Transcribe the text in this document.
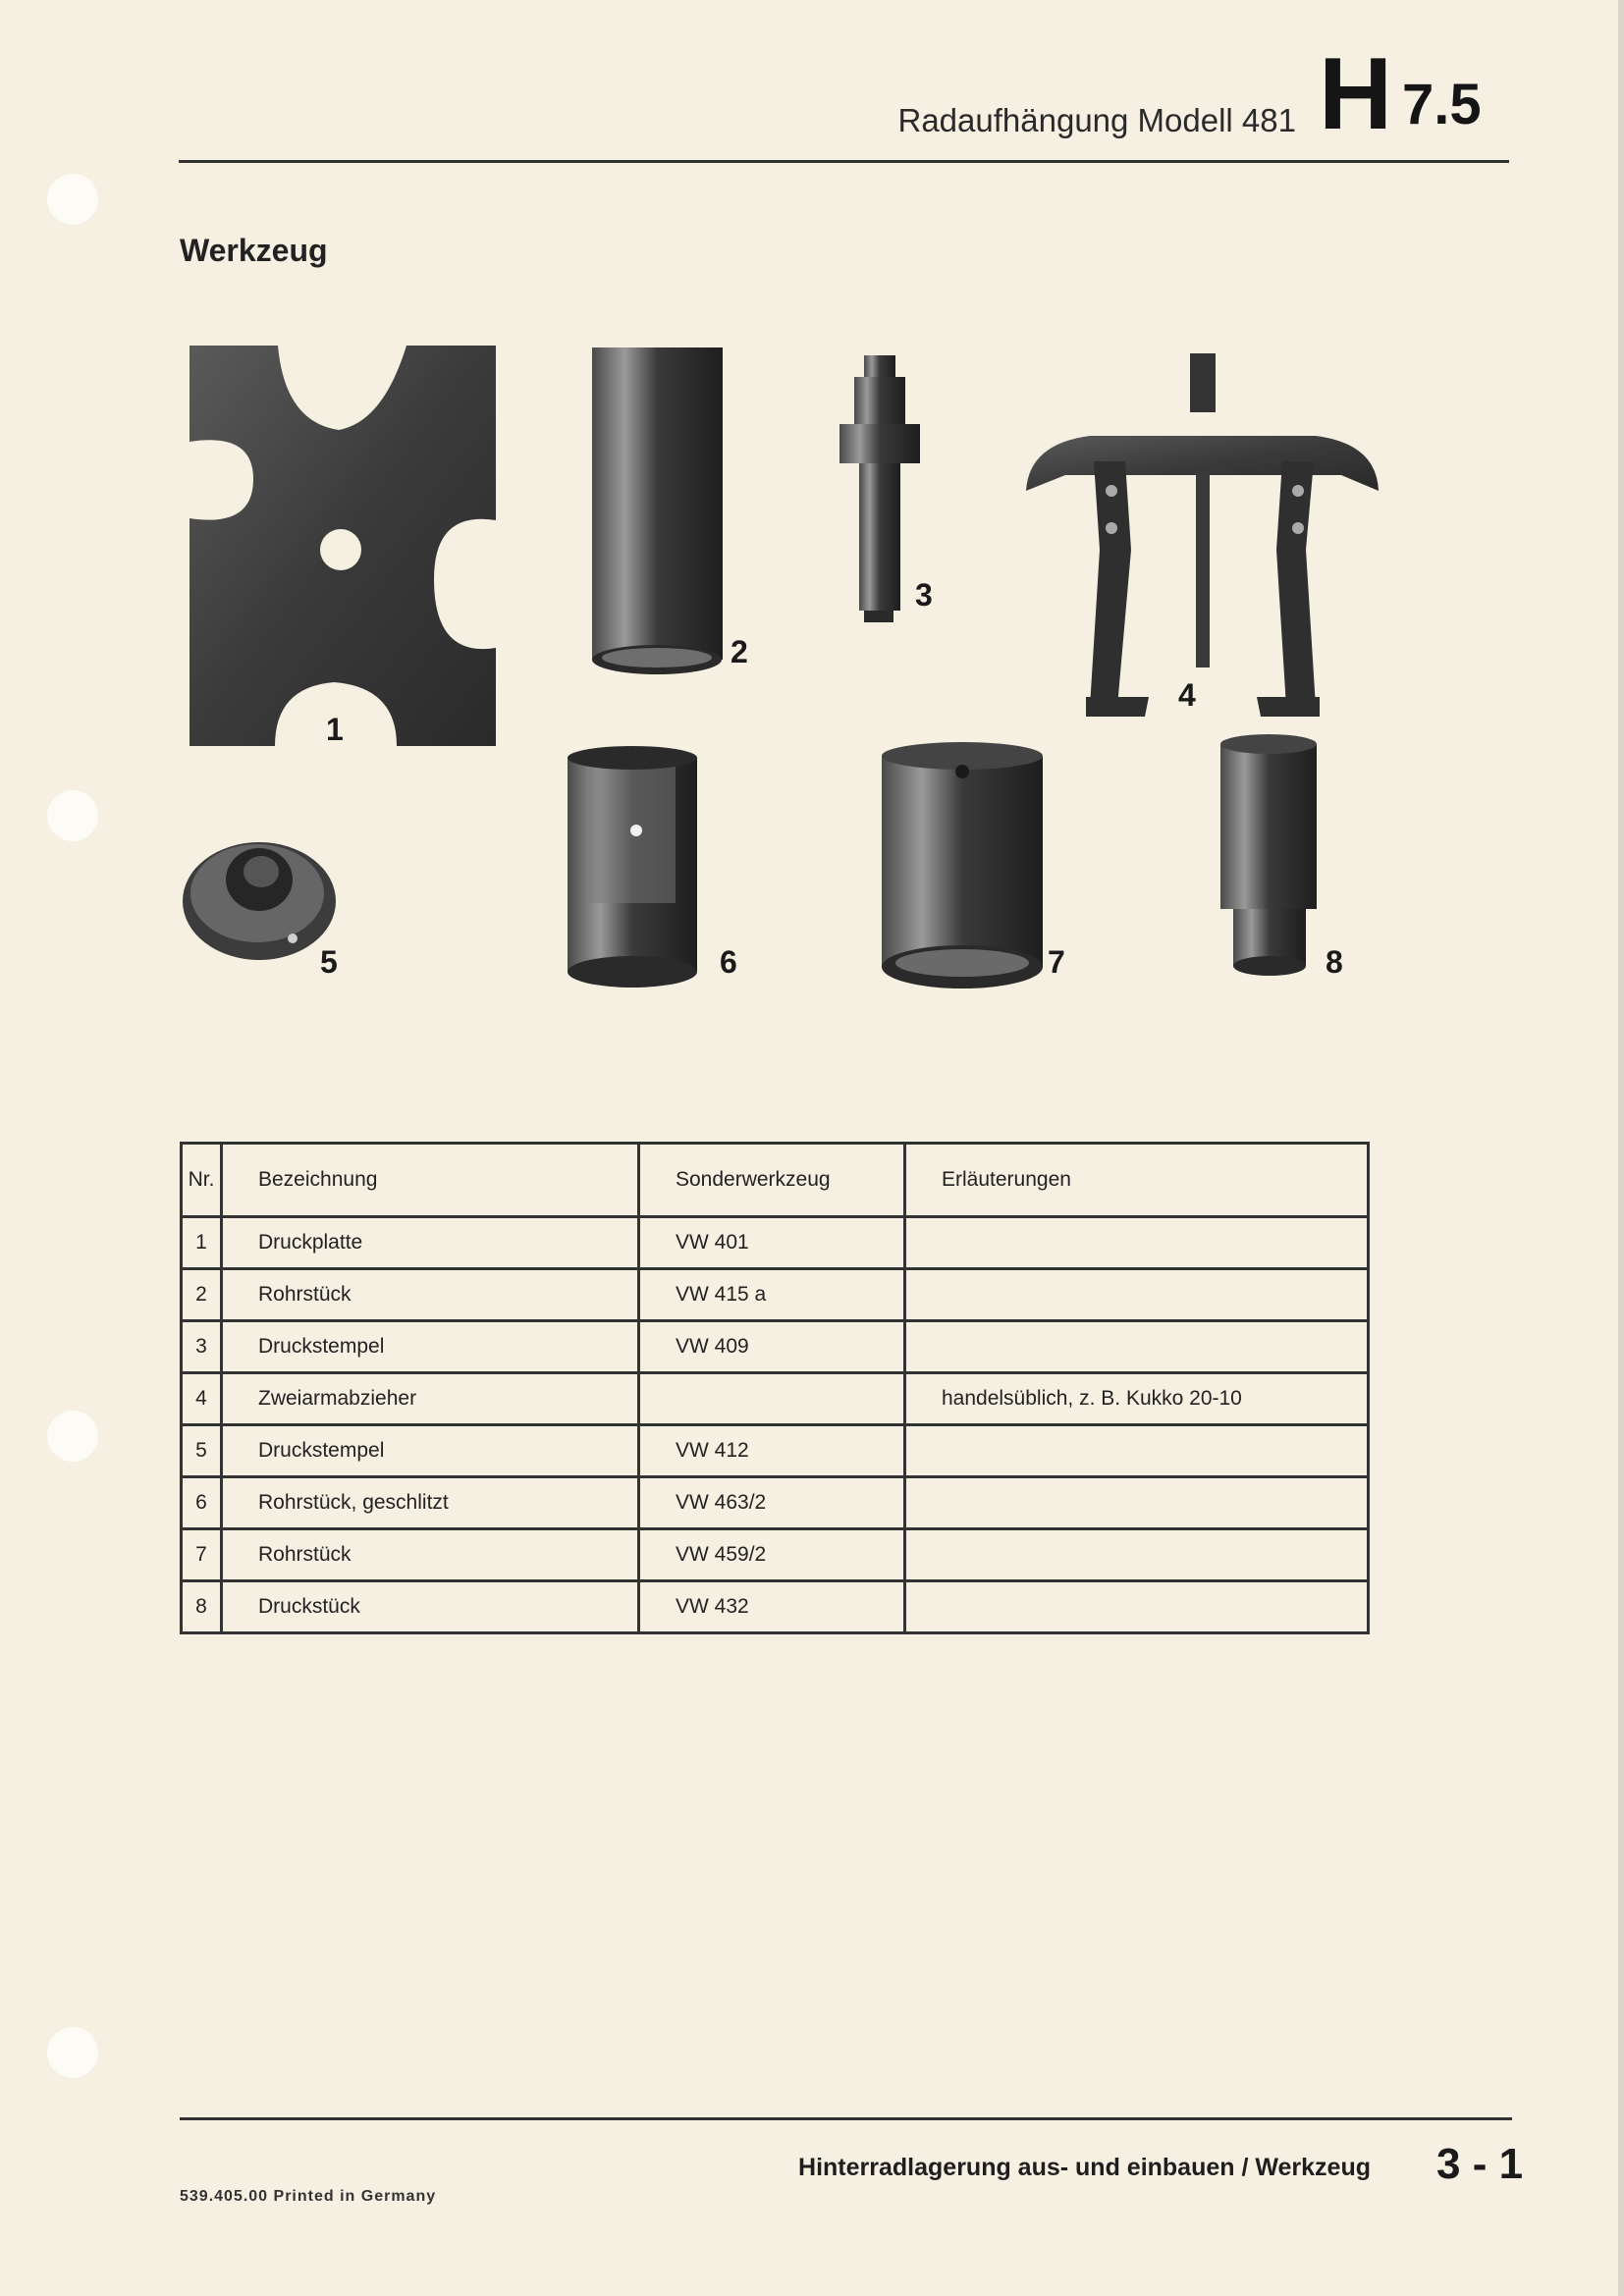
Radaufhängung Modell 481 H 7.5
Werkzeug
1
2
3
4
5	6	7	8
Nr.	Bezeichnung	Sonderwerkzeug	Erläuterungen
1	Druckplatte	VW 401	
2	Rohrstück	VW 415 a	
3	Druckstempel	VW 409	
4	Zweiarmabzieher		handelsüblich, z. B. Kukko 20-10
5	Druckstempel	VW 412	
6	Rohrstück, geschlitzt	VW 463/2	
7	Rohrstück	VW 459/2	
8	Druckstück	VW 432	
Hinterradlagerung aus- und einbauen / Werkzeug 3 - 1
539.405.00 Printed in Germany
